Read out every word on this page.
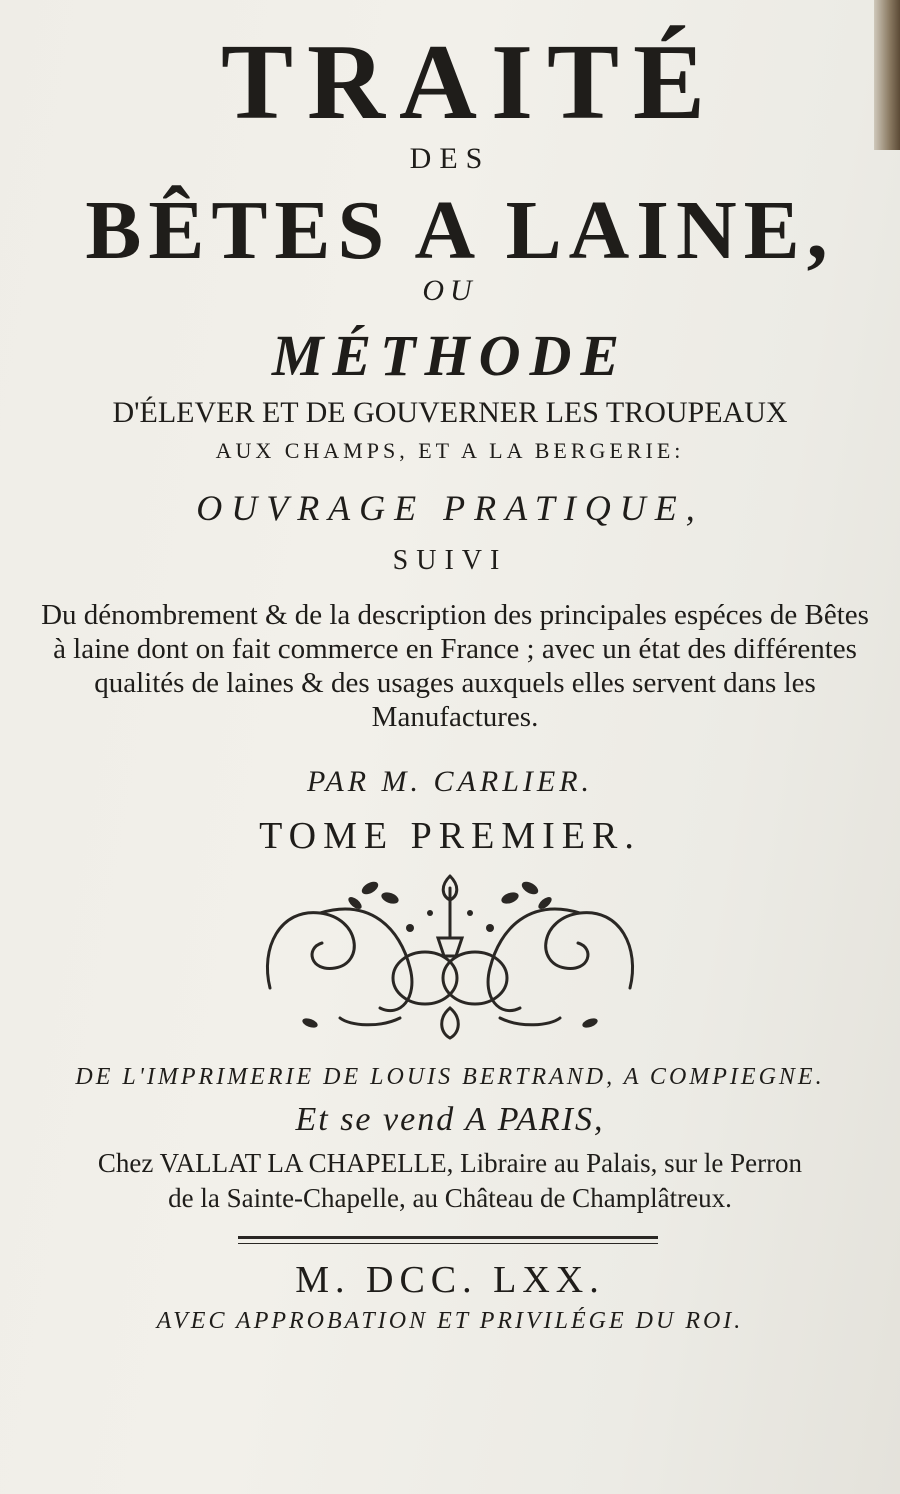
TRAITÉ
DES
BÊTES A LAINE,
OU
MÉTHODE
D'ÉLEVER ET DE GOUVERNER LES TROUPEAUX
AUX CHAMPS, ET A LA BERGERIE:
OUVRAGE PRATIQUE,
SUIVI
Du dénombrement & de la description des principales espéces de Bêtes à laine dont on fait commerce en France ; avec un état des différentes qualités de laines & des usages auxquels elles servent dans les Manufactures.
PAR M. CARLIER.
TOME PREMIER.
DE L'IMPRIMERIE DE LOUIS BERTRAND, A COMPIEGNE.
Et se vend A PARIS,
Chez VALLAT LA CHAPELLE, Libraire au Palais, sur le Perron
de la Sainte-Chapelle, au Château de Champlâtreux.
M. DCC. LXX.
AVEC APPROBATION ET PRIVILÉGE DU ROI.
